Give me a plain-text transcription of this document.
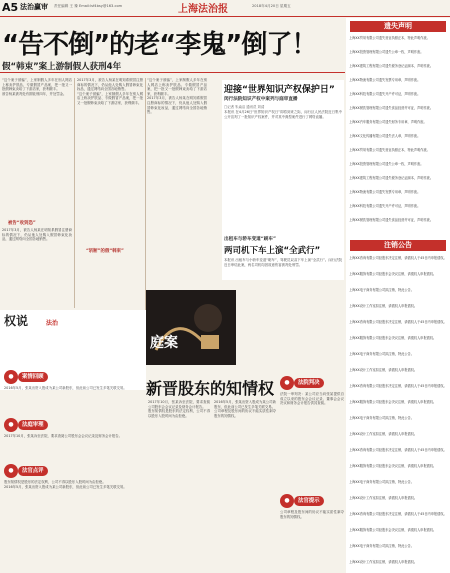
A5 法治赢审 责任编辑 王 豫 Email:lsf4bsy@163.com	上海法治报	2018年4月20日 星期五
“告不倒”的老“李鬼”倒了！
假“韩束”案上游制假人获刑4年

“这个案子被骗”，上家制假人多年在别人网店上称卖护肤品、专做假冒产品案，把一批又一批假韩束卖给了下游店家，获利颇丰。

被告杨某被判处有期徒刑四年，并处罚金。

被告“收到恐”

2017年3月，被告人杨某在明知系假冒注册商标的情况下，仍从他人处购入假冒韩束化妆品，通过网络向全国各地销售。

2017年3月，被告人杨某在明知系假冒注册商标的情况下，仍从他人处购入假冒韩束化妆品，通过网络向全国各地销售。

“这个案子被骗”，上家制假人多年在别人网店上称卖护肤品、专做假冒产品案，把一批又一批假韩束卖给了下游店家，获利颇丰。

“斩断”的假“韩束”

“这个案子被骗”，上家制假人多年在别人网店上称卖护肤品、专做假冒产品案，把一批又一批假韩束卖给了下游店家，获利颇丰。

2017年3月，被告人杨某在明知系假冒注册商标的情况下，仍从他人处购入假冒韩束化妆品，通过网络向全国各地销售。

迎接“世界知识产权保护日”
闵行法院知识产权中案列与庭审直播
□记者 朱焱洁 通讯员 刘清

本报讯 在4月26日“世界知识产权日”即将到来之际，闵行区人民法院近日集中公开宣判了一批知识产权案件，并对其中典型案件进行了网络直播。

出租车与轿车变道“刷车”
两司机下车上演“全武行”

本报讯 出租车与小轿车变道“刷车”，驾驶员双双下车上演“全武行”。闵行法院近日审结此案，两名司机均因故意伤害被判处刑罚。

庭案
新晋股东的知情权
权说	法治
●	案情回顾

2016年5月，张某出资入股成为某公司新股东，但此前公司已发生多笔关联交易。

●	法庭审理

2017年10月，张某诉至法院，要求查阅公司股东会会议记录及财务会计报告。

●	法官点评

股东知情权是股东的法定权利，公司不得以股东入股时间为由拒绝。

2016年5月，张某出资入股成为某公司新股东，但此前公司已发生多笔关联交易。

2017年10月，张某诉至法院，要求查阅公司股东会会议记录及财务会计报告。

股东知情权是股东的法定权利，公司不得以股东入股时间为由拒绝。

2016年5月，张某出资入股成为某公司新股东，但此前公司已发生多笔关联交易。

公司章程及股东间的协议不能实质性剥夺股东的知情权。

●	法院判决

法院一审判决：某公司应当向张某提供自成立以来的股东会会议记录、董事会会议决议和财务会计报告供其查阅。

●	法官提示

公司章程及股东间的协议不能实质性剥夺股东的知情权。

遗失声明
上海XX贸易有限公司遗失营业执照正本，特此声明作废。
上海XX投资管理有限公司遗失公章一枚，声明作废。
上海XX建筑工程有限公司遗失税务登记证副本，声明作废。
上海XX物流有限公司遗失发票专用章，声明作废。
上海XX科技有限公司遗失开户许可证，声明作废。
上海XX餐饮管理有限公司遗失食品经营许可证，声明作废。
上海XX汽车服务有限公司遗失财务专用章，声明作废。
上海XX文化传播有限公司遗失法人章，声明作废。
上海XX贸易有限公司遗失营业执照正本，特此声明作废。
上海XX投资管理有限公司遗失公章一枚，声明作废。
上海XX建筑工程有限公司遗失税务登记证副本，声明作废。
上海XX物流有限公司遗失发票专用章，声明作废。
上海XX科技有限公司遗失开户许可证，声明作废。
上海XX餐饮管理有限公司遗失食品经营许可证，声明作废。
注销公告
上海XX咨询有限公司经股东决定注销，请债权人于45日内申报债权。
上海XX服饰有限公司经股东会决议注销，请债权人申报债权。
上海XX电子商务有限公司拟注销，特此公告。
上海XX设计工作室拟注销，请债权人申报债权。
上海XX咨询有限公司经股东决定注销，请债权人于45日内申报债权。
上海XX服饰有限公司经股东会决议注销，请债权人申报债权。
上海XX电子商务有限公司拟注销，特此公告。
上海XX设计工作室拟注销，请债权人申报债权。
上海XX咨询有限公司经股东决定注销，请债权人于45日内申报债权。
上海XX服饰有限公司经股东会决议注销，请债权人申报债权。
上海XX电子商务有限公司拟注销，特此公告。
上海XX设计工作室拟注销，请债权人申报债权。
上海XX咨询有限公司经股东决定注销，请债权人于45日内申报债权。
上海XX服饰有限公司经股东会决议注销，请债权人申报债权。
上海XX电子商务有限公司拟注销，特此公告。
上海XX设计工作室拟注销，请债权人申报债权。
上海XX咨询有限公司经股东决定注销，请债权人于45日内申报债权。
上海XX服饰有限公司经股东会决议注销，请债权人申报债权。
上海XX电子商务有限公司拟注销，特此公告。
上海XX设计工作室拟注销，请债权人申报债权。
